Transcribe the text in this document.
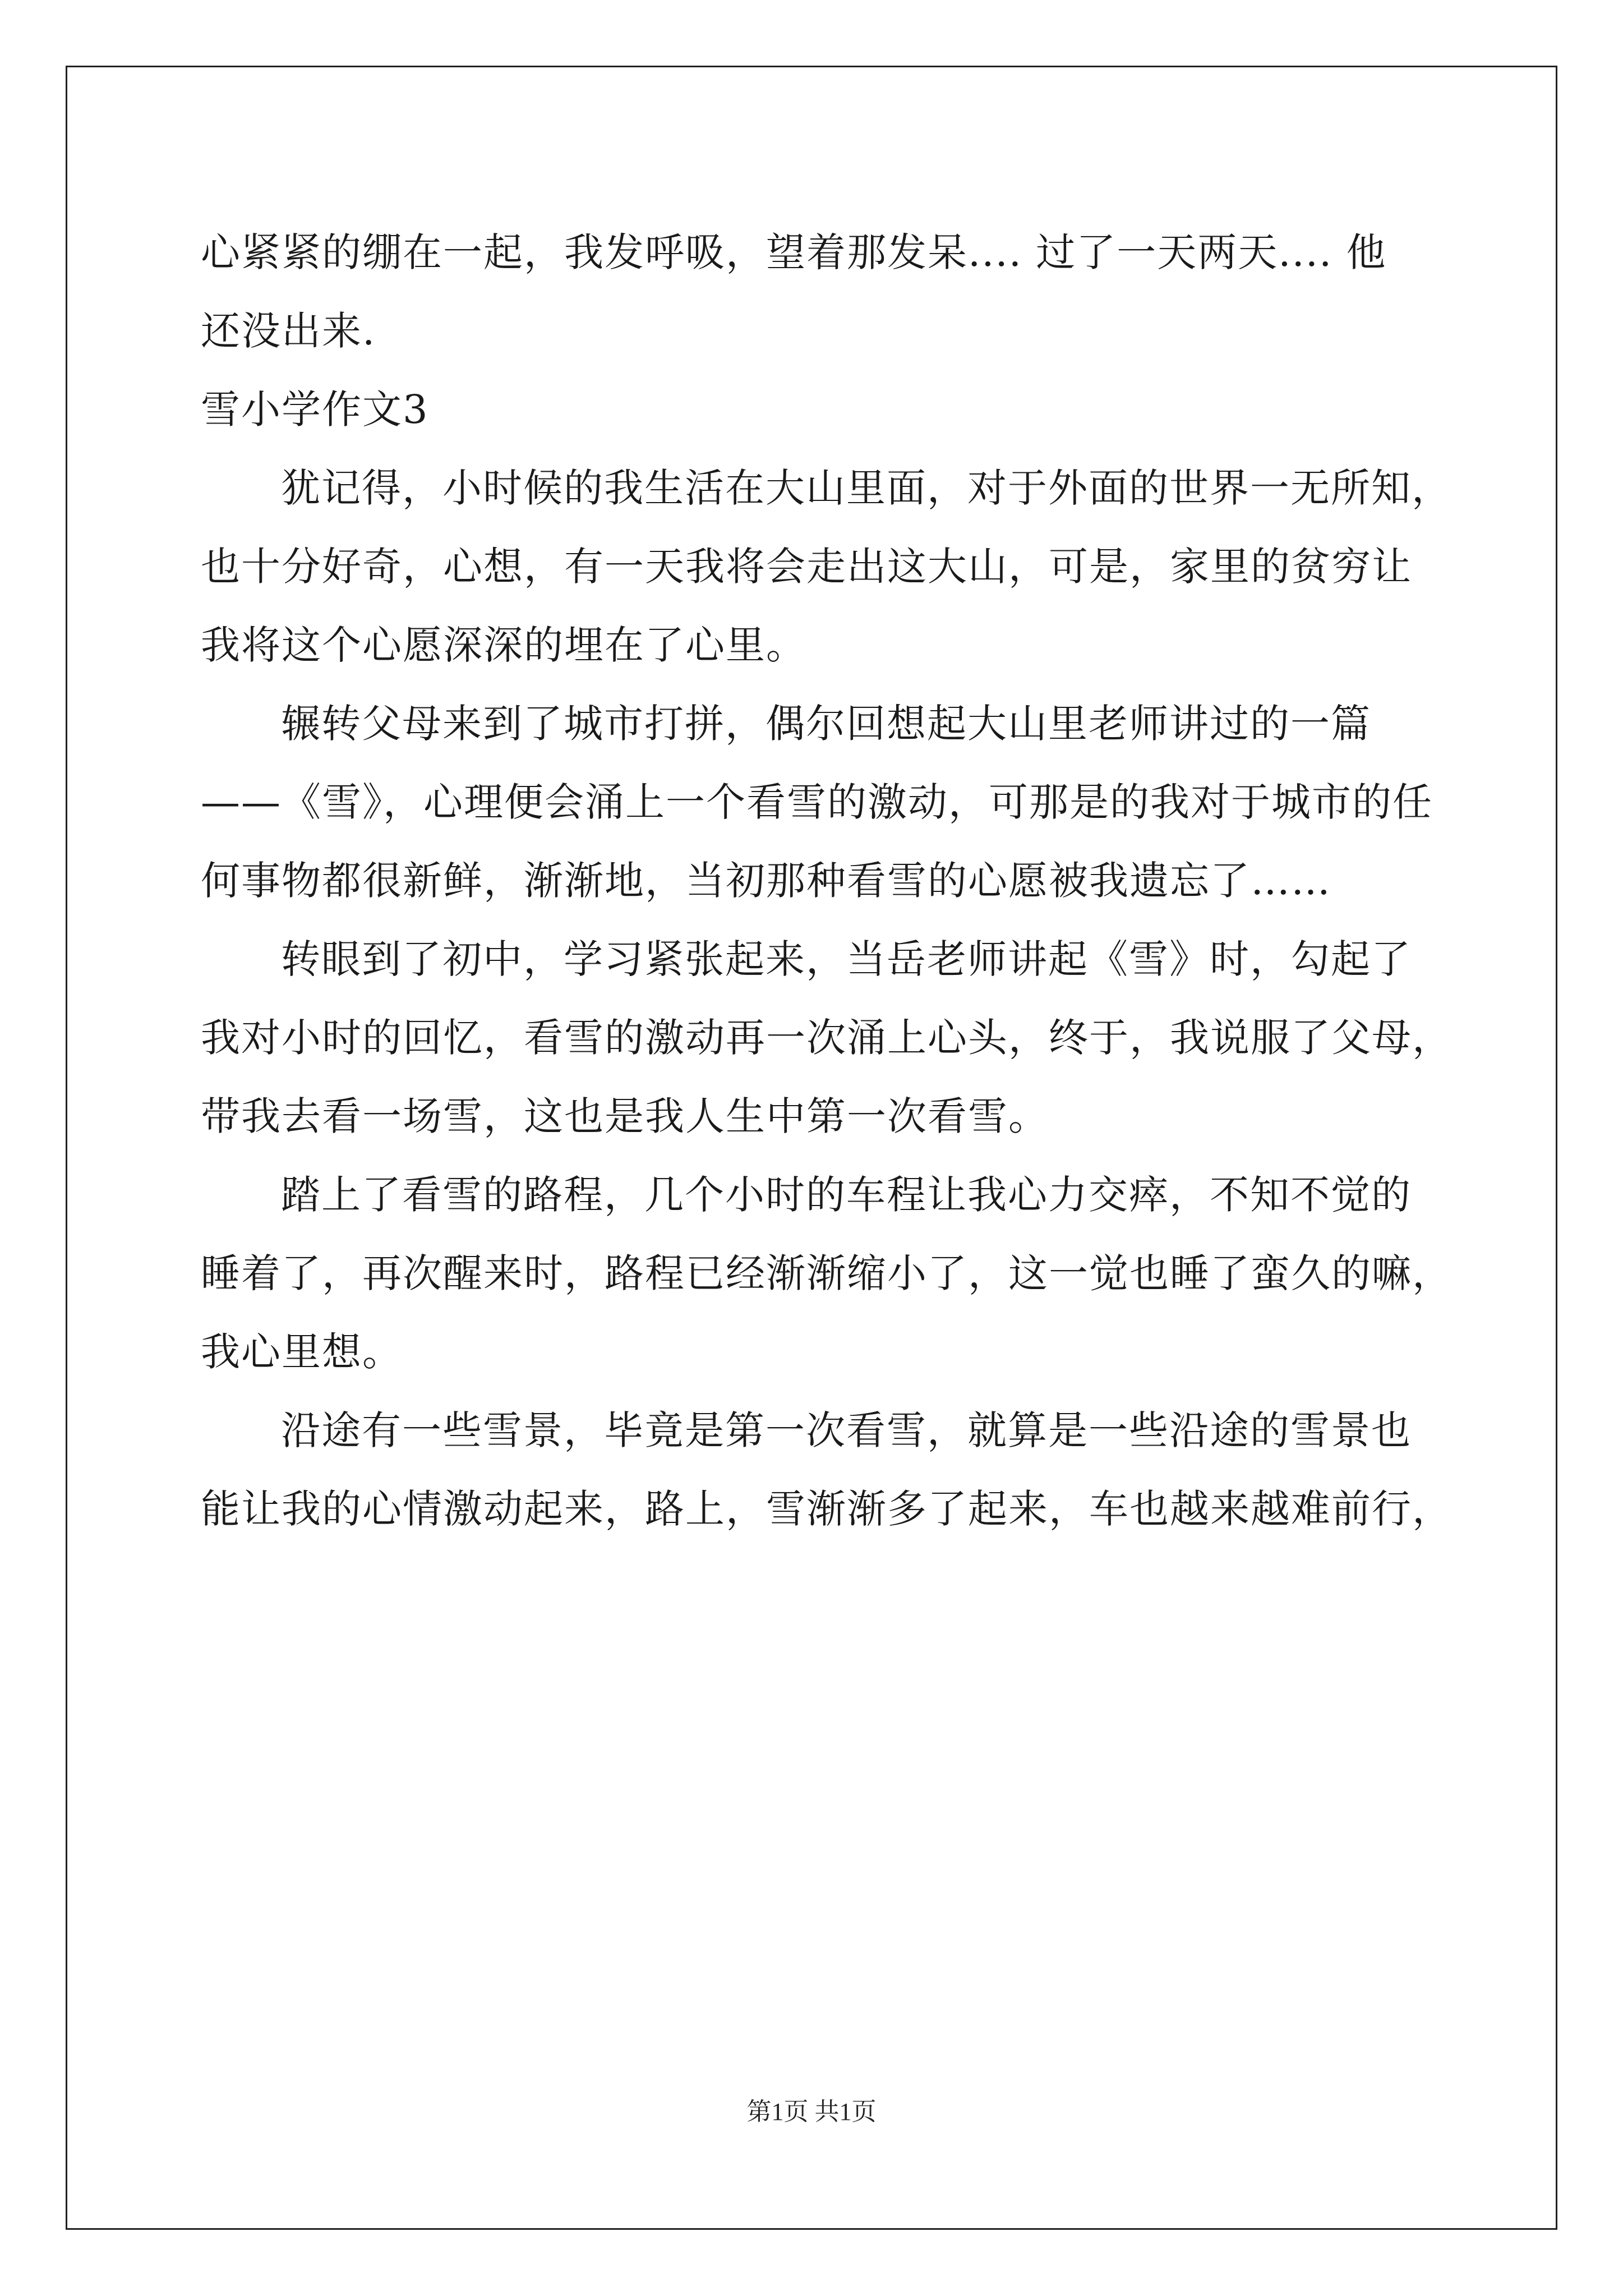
心紧紧的绷在一起，我发呼吸，望着那发呆.... 过了一天两天.... 他
还没出来.
雪小学作文3
犹记得，小时候的我生活在大山里面，对于外面的世界一无所知，
也十分好奇，心想，有一天我将会走出这大山，可是，家里的贫穷让
我将这个心愿深深的埋在了心里。
辗转父母来到了城市打拼，偶尔回想起大山里老师讲过的一篇
——《雪》，心理便会涌上一个看雪的激动，可那是的我对于城市的任
何事物都很新鲜，渐渐地，当初那种看雪的心愿被我遗忘了……
转眼到了初中，学习紧张起来，当岳老师讲起《雪》时，勾起了
我对小时的回忆，看雪的激动再一次涌上心头，终于，我说服了父母，
带我去看一场雪，这也是我人生中第一次看雪。
踏上了看雪的路程，几个小时的车程让我心力交瘁，不知不觉的
睡着了，再次醒来时，路程已经渐渐缩小了，这一觉也睡了蛮久的嘛，
我心里想。
沿途有一些雪景，毕竟是第一次看雪，就算是一些沿途的雪景也
能让我的心情激动起来，路上，雪渐渐多了起来，车也越来越难前行，
第1页 共1页
